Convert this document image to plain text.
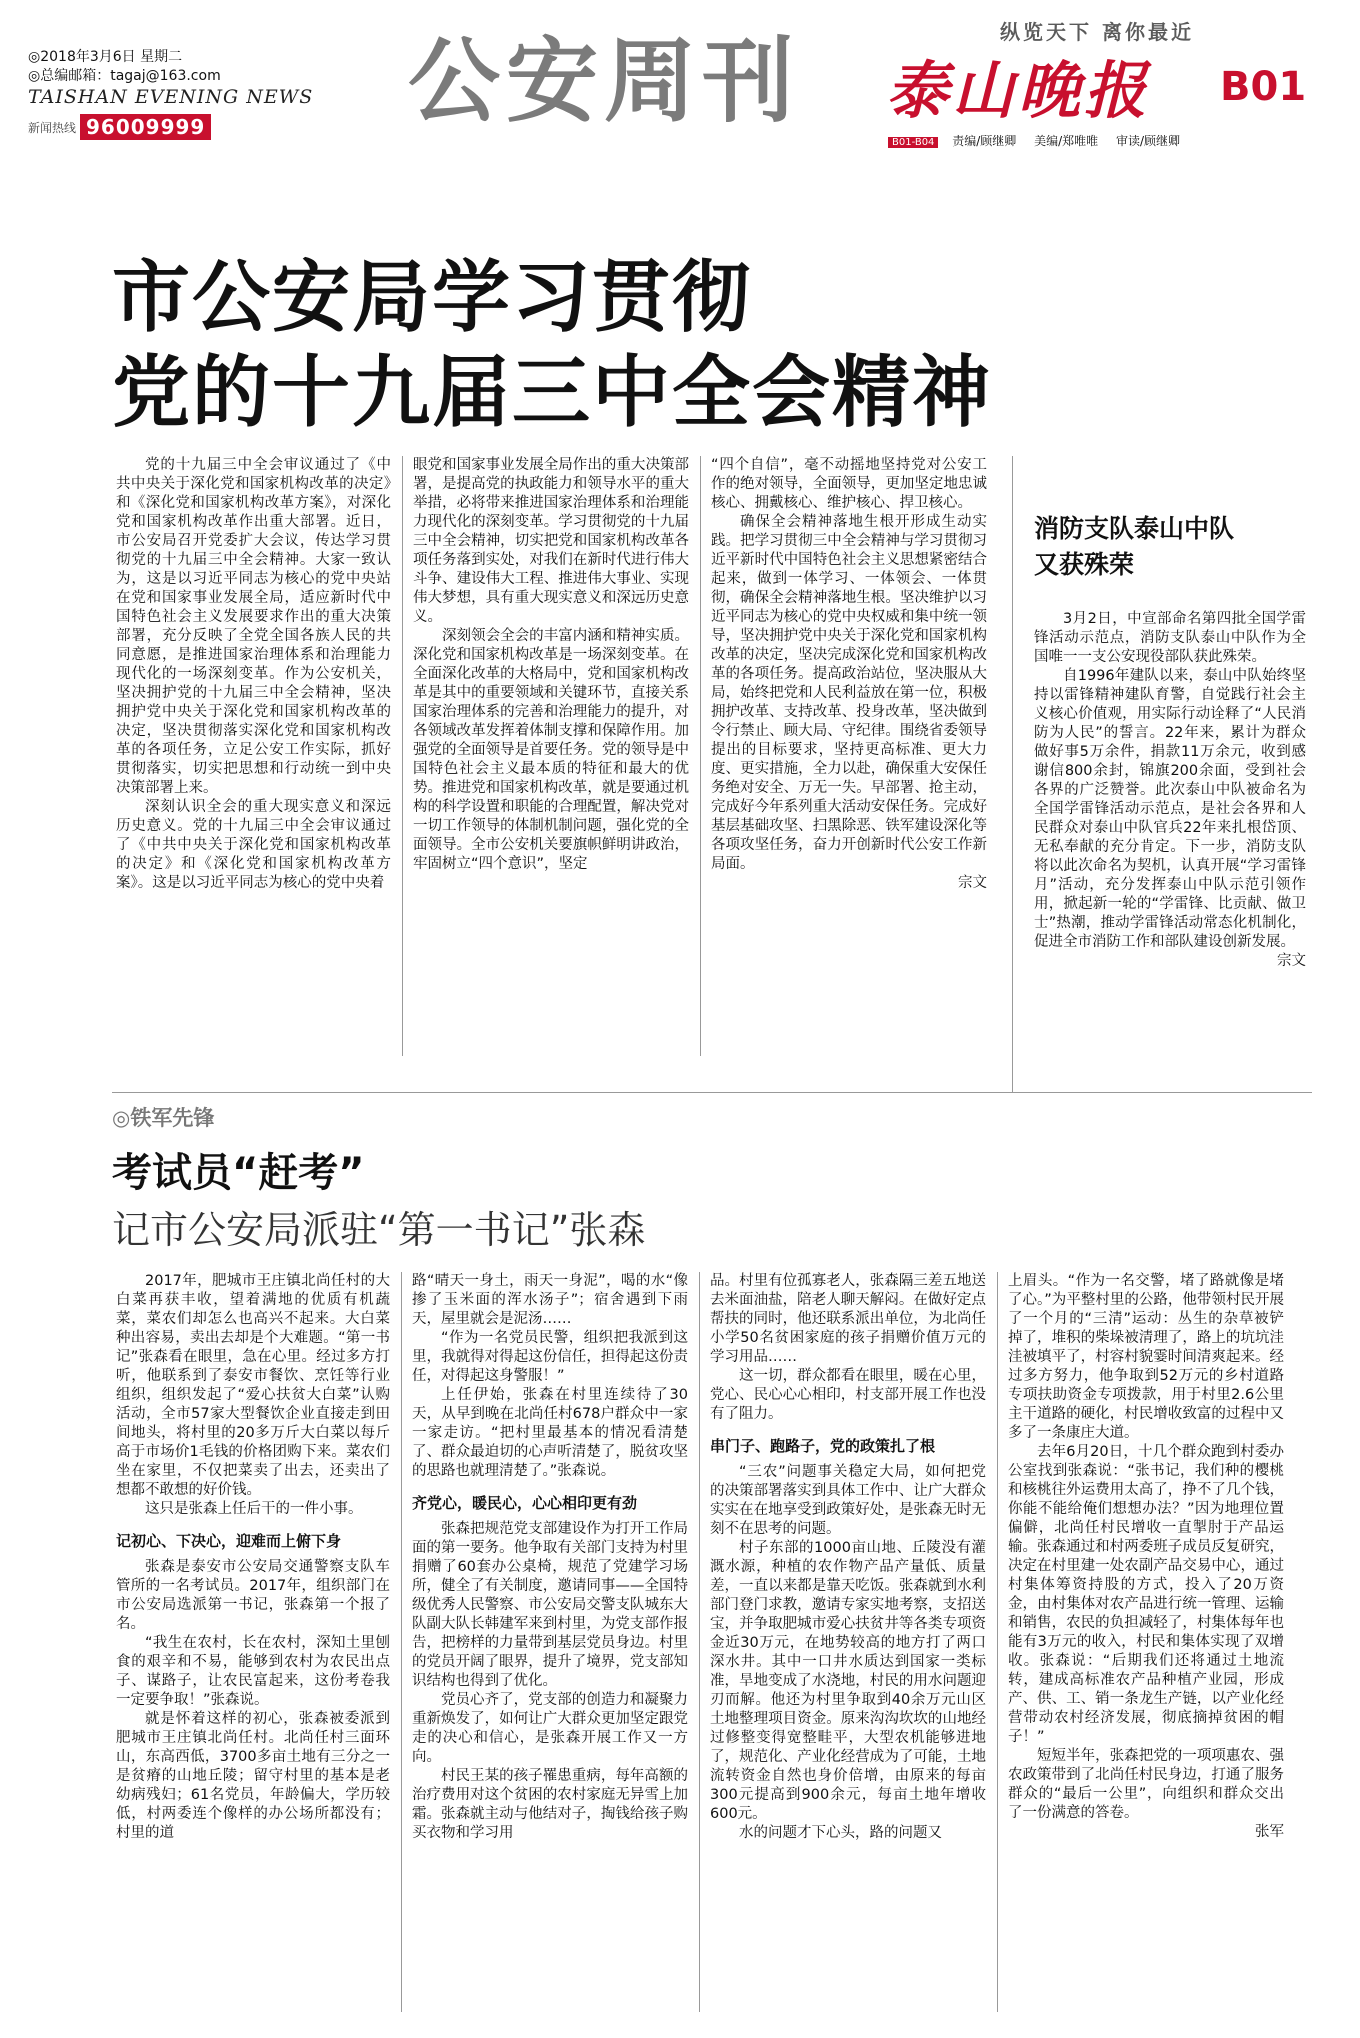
◎2018年3月6日 星期二
◎总编邮箱：tagaj@163.com
TAISHAN EVENING NEWS
新闻热线 96009999 公安周刊	纵览天下 离你最近
泰山晚报 B01
B01-B04 责编/顾继卿 美编/郑唯唯 审读/顾继卿
市公安局学习贯彻
党的十九届三中全会精神

党的十九届三中全会审议通过了《中共中央关于深化党和国家机构改革的决定》和《深化党和国家机构改革方案》，对深化党和国家机构改革作出重大部署。近日，市公安局召开党委扩大会议，传达学习贯彻党的十九届三中全会精神。大家一致认为，这是以习近平同志为核心的党中央站在党和国家事业发展全局，适应新时代中国特色社会主义发展要求作出的重大决策部署，充分反映了全党全国各族人民的共同意愿，是推进国家治理体系和治理能力现代化的一场深刻变革。作为公安机关，坚决拥护党的十九届三中全会精神，坚决拥护党中央关于深化党和国家机构改革的决定，坚决贯彻落实深化党和国家机构改革的各项任务，立足公安工作实际，抓好贯彻落实，切实把思想和行动统一到中央决策部署上来。

深刻认识全会的重大现实意义和深远历史意义。党的十九届三中全会审议通过了《中共中央关于深化党和国家机构改革的决定》和《深化党和国家机构改革方案》。这是以习近平同志为核心的党中央着

眼党和国家事业发展全局作出的重大决策部署，是提高党的执政能力和领导水平的重大举措，必将带来推进国家治理体系和治理能力现代化的深刻变革。学习贯彻党的十九届三中全会精神，切实把党和国家机构改革各项任务落到实处，对我们在新时代进行伟大斗争、建设伟大工程、推进伟大事业、实现伟大梦想，具有重大现实意义和深远历史意义。

深刻领会全会的丰富内涵和精神实质。深化党和国家机构改革是一场深刻变革。在全面深化改革的大格局中，党和国家机构改革是其中的重要领域和关键环节，直接关系国家治理体系的完善和治理能力的提升，对各领域改革发挥着体制支撑和保障作用。加强党的全面领导是首要任务。党的领导是中国特色社会主义最本质的特征和最大的优势。推进党和国家机构改革，就是要通过机构的科学设置和职能的合理配置，解决党对一切工作领导的体制机制问题，强化党的全面领导。全市公安机关要旗帜鲜明讲政治，牢固树立“四个意识”，坚定

“四个自信”，毫不动摇地坚持党对公安工作的绝对领导，全面领导，更加坚定地忠诚核心、拥戴核心、维护核心、捍卫核心。

确保全会精神落地生根开形成生动实践。把学习贯彻三中全会精神与学习贯彻习近平新时代中国特色社会主义思想紧密结合起来，做到一体学习、一体领会、一体贯彻，确保全会精神落地生根。坚决维护以习近平同志为核心的党中央权威和集中统一领导，坚决拥护党中央关于深化党和国家机构改革的决定，坚决完成深化党和国家机构改革的各项任务。提高政治站位，坚决服从大局，始终把党和人民利益放在第一位，积极拥护改革、支持改革、投身改革，坚决做到令行禁止、顾大局、守纪律。围绕省委领导提出的目标要求，坚持更高标准、更大力度、更实措施，全力以赴，确保重大安保任务绝对安全、万无一失。早部署、抢主动，完成好今年系列重大活动安保任务。完成好基层基础攻坚、扫黑除恶、铁军建设深化等各项攻坚任务，奋力开创新时代公安工作新局面。

宗文
消防支队泰山中队
又获殊荣

3月2日，中宣部命名第四批全国学雷锋活动示范点，消防支队泰山中队作为全国唯一一支公安现役部队获此殊荣。

自1996年建队以来，泰山中队始终坚持以雷锋精神建队育警，自觉践行社会主义核心价值观，用实际行动诠释了“人民消防为人民”的誓言。22年来，累计为群众做好事5万余件，捐款11万余元，收到感谢信800余封，锦旗200余面，受到社会各界的广泛赞誉。此次泰山中队被命名为全国学雷锋活动示范点，是社会各界和人民群众对泰山中队官兵22年来扎根岱顶、无私奉献的充分肯定。下一步，消防支队将以此次命名为契机，认真开展“学习雷锋月”活动，充分发挥泰山中队示范引领作用，掀起新一轮的“学雷锋、比贡献、做卫士”热潮，推动学雷锋活动常态化机制化，促进全市消防工作和部队建设创新发展。

宗文
◎铁军先锋
考试员“赶考”
记市公安局派驻“第一书记”张森

2017年，肥城市王庄镇北尚任村的大白菜再获丰收，望着满地的优质有机蔬菜，菜农们却怎么也高兴不起来。大白菜种出容易，卖出去却是个大难题。“第一书记”张森看在眼里，急在心里。经过多方打听，他联系到了泰安市餐饮、烹饪等行业组织，组织发起了“爱心扶贫大白菜”认购活动，全市57家大型餐饮企业直接走到田间地头，将村里的20多万斤大白菜以每斤高于市场价1毛钱的价格团购下来。菜农们坐在家里，不仅把菜卖了出去，还卖出了想都不敢想的好价钱。

这只是张森上任后干的一件小事。

记初心、下决心，迎难而上俯下身

张森是泰安市公安局交通警察支队车管所的一名考试员。2017年，组织部门在市公安局选派第一书记，张森第一个报了名。

“我生在农村，长在农村，深知土里刨食的艰辛和不易，能够到农村为农民出点子、谋路子，让农民富起来，这份考卷我一定要争取！”张森说。

就是怀着这样的初心，张森被委派到肥城市王庄镇北尚任村。北尚任村三面环山，东高西低，3700多亩土地有三分之一是贫瘠的山地丘陵；留守村里的基本是老幼病残妇；61名党员，年龄偏大，学历较低，村两委连个像样的办公场所都没有；村里的道

路“晴天一身土，雨天一身泥”，喝的水“像掺了玉米面的浑水汤子”；宿舍遇到下雨天，屋里就会是泥汤……

“作为一名党员民警，组织把我派到这里，我就得对得起这份信任，担得起这份责任，对得起这身警服！”

上任伊始，张森在村里连续待了30天，从早到晚在北尚任村678户群众中一家一家走访。“把村里最基本的情况看清楚了、群众最迫切的心声听清楚了，脱贫攻坚的思路也就理清楚了。”张森说。

齐党心，暖民心，心心相印更有劲

张森把规范党支部建设作为打开工作局面的第一要务。他争取有关部门支持为村里捐赠了60套办公桌椅，规范了党建学习场所，健全了有关制度，邀请同事——全国特级优秀人民警察、市公安局交警支队城东大队副大队长韩建军来到村里，为党支部作报告，把榜样的力量带到基层党员身边。村里的党员开阔了眼界，提升了境界，党支部知识结构也得到了优化。

党员心齐了，党支部的创造力和凝聚力重新焕发了，如何让广大群众更加坚定跟党走的决心和信心，是张森开展工作又一方向。

村民王某的孩子罹患重病，每年高额的治疗费用对这个贫困的农村家庭无异雪上加霜。张森就主动与他结对子，掏钱给孩子购买衣物和学习用

品。村里有位孤寡老人，张森隔三差五地送去米面油盐，陪老人聊天解闷。在做好定点帮扶的同时，他还联系派出单位，为北尚任小学50名贫困家庭的孩子捐赠价值万元的学习用品……

这一切，群众都看在眼里，暖在心里，党心、民心心心相印，村支部开展工作也没有了阻力。

串门子、跑路子，党的政策扎了根

“三农”问题事关稳定大局，如何把党的决策部署落实到具体工作中、让广大群众实实在在地享受到政策好处，是张森无时无刻不在思考的问题。

村子东部的1000亩山地、丘陵没有灌溉水源，种植的农作物产品产量低、质量差，一直以来都是靠天吃饭。张森就到水利部门登门求教，邀请专家实地考察，支招送宝，并争取肥城市爱心扶贫井等各类专项资金近30万元，在地势较高的地方打了两口深水井。其中一口井水质达到国家一类标准，旱地变成了水浇地，村民的用水问题迎刃而解。他还为村里争取到40余万元山区土地整理项目资金。原来沟沟坎坎的山地经过修整变得宽整畦平，大型农机能够进地了，规范化、产业化经营成为了可能，土地流转资金自然也身价倍增，由原来的每亩300元提高到900余元，每亩土地年增收600元。

水的问题才下心头，路的问题又

上眉头。“作为一名交警，堵了路就像是堵了心。”为平整村里的公路，他带领村民开展了一个月的“三清”运动：丛生的杂草被铲掉了，堆积的柴垛被清理了，路上的坑坑洼洼被填平了，村容村貌霎时间清爽起来。经过多方努力，他争取到52万元的乡村道路专项扶助资金专项拨款，用于村里2.6公里主干道路的硬化，村民增收致富的过程中又多了一条康庄大道。

去年6月20日，十几个群众跑到村委办公室找到张森说：“张书记，我们种的樱桃和核桃往外运费用太高了，挣不了几个钱，你能不能给俺们想想办法？”因为地理位置偏僻，北尚任村民增收一直掣肘于产品运输。张森通过和村两委班子成员反复研究，决定在村里建一处农副产品交易中心，通过村集体筹资持股的方式，投入了20万资金，由村集体对农产品进行统一管理、运输和销售，农民的负担减轻了，村集体每年也能有3万元的收入，村民和集体实现了双增收。张森说：“后期我们还将通过土地流转，建成高标准农产品种植产业园，形成产、供、工、销一条龙生产链，以产业化经营带动农村经济发展，彻底摘掉贫困的帽子！”

短短半年，张森把党的一项项惠农、强农政策带到了北尚任村民身边，打通了服务群众的“最后一公里”，向组织和群众交出了一份满意的答卷。

张军
